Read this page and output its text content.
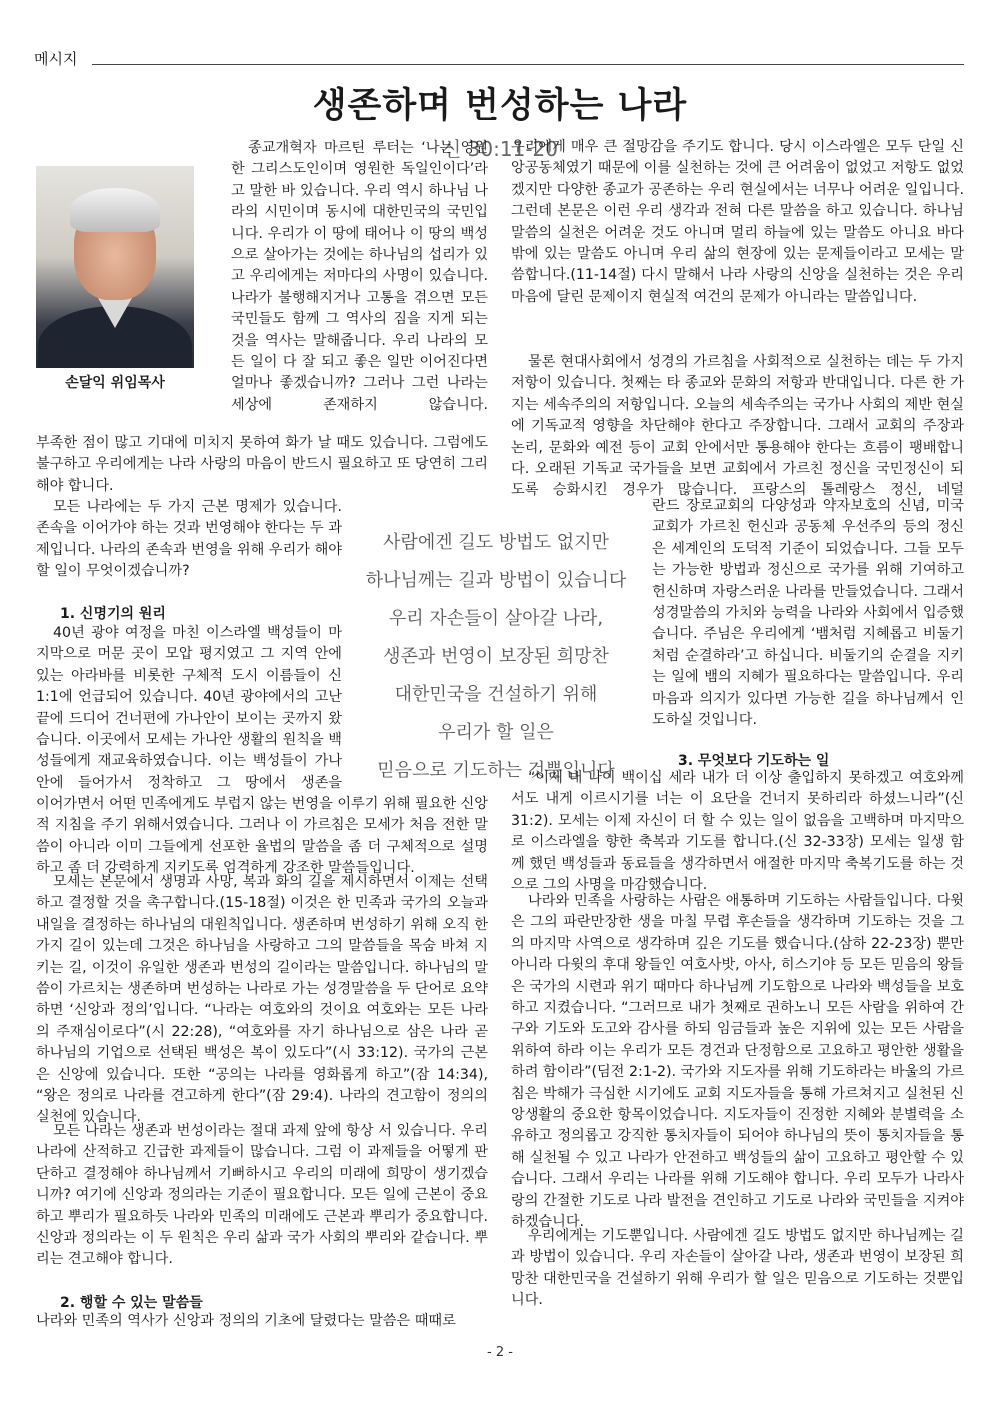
메시지
생존하며 번성하는 나라
신 30:11-20
손달익 위임목사

종교개혁자 마르틴 루터는 ‘나는 영원한 그리스도인이며 영원한 독일인이다’라고 말한 바 있습니다. 우리 역시 하나님 나라의 시민이며 동시에 대한민국의 국민입니다. 우리가 이 땅에 태어나 이 땅의 백성으로 살아가는 것에는 하나님의 섭리가 있고 우리에게는 저마다의 사명이 있습니다. 나라가 불행해지거나 고통을 겪으면 모든 국민들도 함께 그 역사의 짐을 지게 되는 것을 역사는 말해줍니다. 우리 나라의 모든 일이 다 잘 되고 좋은 일만 이어진다면 얼마나 좋겠습니까? 그러나 그런 나라는 세상에 존재하지 않습니다.

부족한 점이 많고 기대에 미치지 못하여 화가 날 때도 있습니다. 그럼에도 불구하고 우리에게는 나라 사랑의 마음이 반드시 필요하고 또 당연히 그리해야 합니다.

모든 나라에는 두 가지 근본 명제가 있습니다. 존속을 이어가야 하는 것과 번영해야 한다는 두 과제입니다. 나라의 존속과 번영을 위해 우리가 해야 할 일이 무엇이겠습니까?

1. 신명기의 원리

40년 광야 여정을 마친 이스라엘 백성들이 마지막으로 머문 곳이 모압 평지였고 그 지역 안에 있는 아라바를 비롯한 구체적 도시 이름들이 신 1:1에 언급되어 있습니다. 40년 광야에서의 고난 끝에 드디어 건너편에 가나안이 보이는 곳까지 왔습니다. 이곳에서 모세는 가나안 생활의 원칙을 백성들에게 재교육하였습니다. 이는 백성들이 가나안에 들어가서 정착하고 그 땅에서 생존을

이어가면서 어떤 민족에게도 부럽지 않는 번영을 이루기 위해 필요한 신앙적 지침을 주기 위해서였습니다. 그러나 이 가르침은 모세가 처음 전한 말씀이 아니라 이미 그들에게 선포한 율법의 말씀을 좀 더 구체적으로 설명하고 좀 더 강력하게 지키도록 엄격하게 강조한 말씀들입니다.

모세는 본문에서 생명과 사망, 복과 화의 길을 제시하면서 이제는 선택하고 결정할 것을 촉구합니다.(15-18절) 이것은 한 민족과 국가의 오늘과 내일을 결정하는 하나님의 대원칙입니다. 생존하며 번성하기 위해 오직 한 가지 길이 있는데 그것은 하나님을 사랑하고 그의 말씀들을 목숨 바쳐 지키는 길, 이것이 유일한 생존과 번성의 길이라는 말씀입니다. 하나님의 말씀이 가르치는 생존하며 번성하는 나라로 가는 성경말씀을 두 단어로 요약하면 ‘신앙과 정의’입니다. “나라는 여호와의 것이요 여호와는 모든 나라의 주재심이로다”(시 22:28), “여호와를 자기 하나님으로 삼은 나라 곧 하나님의 기업으로 선택된 백성은 복이 있도다”(시 33:12). 국가의 근본은 신앙에 있습니다. 또한 “공의는 나라를 영화롭게 하고”(잠 14:34), “왕은 정의로 나라를 견고하게 한다”(잠 29:4). 나라의 견고함이 정의의 실천에 있습니다.

모든 나라는 생존과 번성이라는 절대 과제 앞에 항상 서 있습니다. 우리나라에 산적하고 긴급한 과제들이 많습니다. 그럼 이 과제들을 어떻게 판단하고 결정해야 하나님께서 기뻐하시고 우리의 미래에 희망이 생기겠습니까? 여기에 신앙과 정의라는 기준이 필요합니다. 모든 일에 근본이 중요하고 뿌리가 필요하듯 나라와 민족의 미래에도 근본과 뿌리가 중요합니다. 신앙과 정의라는 이 두 원칙은 우리 삶과 국가 사회의 뿌리와 같습니다. 뿌리는 견고해야 합니다.

2. 행할 수 있는 말씀들

나라와 민족의 역사가 신앙과 정의의 기초에 달렸다는 말씀은 때때로

사람에겐 길도 방법도 없지만
하나님께는 길과 방법이 있습니다
우리 자손들이 살아갈 나라,
생존과 번영이 보장된 희망찬
대한민국을 건설하기 위해
우리가 할 일은
믿음으로 기도하는 것뿐입니다

우리에게 매우 큰 절망감을 주기도 합니다. 당시 이스라엘은 모두 단일 신앙공동체였기 때문에 이를 실천하는 것에 큰 어려움이 없었고 저항도 없었겠지만 다양한 종교가 공존하는 우리 현실에서는 너무나 어려운 일입니다. 그런데 본문은 이런 우리 생각과 전혀 다른 말씀을 하고 있습니다. 하나님 말씀의 실천은 어려운 것도 아니며 멀리 하늘에 있는 말씀도 아니요 바다 밖에 있는 말씀도 아니며 우리 삶의 현장에 있는 문제들이라고 모세는 말씀합니다.(11-14절) 다시 말해서 나라 사랑의 신앙을 실천하는 것은 우리 마음에 달린 문제이지 현실적 여건의 문제가 아니라는 말씀입니다.

물론 현대사회에서 성경의 가르침을 사회적으로 실천하는 데는 두 가지 저항이 있습니다. 첫째는 타 종교와 문화의 저항과 반대입니다. 다른 한 가지는 세속주의의 저항입니다. 오늘의 세속주의는 국가나 사회의 제반 현실에 기독교적 영향을 차단해야 한다고 주장합니다. 그래서 교회의 주장과 논리, 문화와 예전 등이 교회 안에서만 통용해야 한다는 흐름이 팽배합니다. 오래된 기독교 국가들을 보면 교회에서 가르친 정신을 국민정신이 되도록 승화시킨 경우가 많습니다. 프랑스의 톨레랑스 정신, 네덜

란드 장로교회의 다양성과 약자보호의 신념, 미국 교회가 가르친 헌신과 공동체 우선주의 등의 정신은 세계인의 도덕적 기준이 되었습니다. 그들 모두는 가능한 방법과 정신으로 국가를 위해 기여하고 헌신하며 자랑스러운 나라를 만들었습니다. 그래서 성경말씀의 가치와 능력을 나라와 사회에서 입증했습니다. 주님은 우리에게 ‘뱀처럼 지혜롭고 비둘기처럼 순결하라’고 하십니다. 비둘기의 순결을 지키는 일에 뱀의 지혜가 필요하다는 말씀입니다. 우리 마음과 의지가 있다면 가능한 길을 하나님께서 인도하실 것입니다.

3. 무엇보다 기도하는 일

“이제 내 나이 백이십 세라 내가 더 이상 출입하지 못하겠고 여호와께서도 내게 이르시기를 너는 이 요단을 건너지 못하리라 하셨느니라”(신 31:2). 모세는 이제 자신이 더 할 수 있는 일이 없음을 고백하며 마지막으로 이스라엘을 향한 축복과 기도를 합니다.(신 32-33장) 모세는 일생 함께 했던 백성들과 동료들을 생각하면서 애절한 마지막 축복기도를 하는 것으로 그의 사명을 마감했습니다.

나라와 민족을 사랑하는 사람은 애통하며 기도하는 사람들입니다. 다윗은 그의 파란만장한 생을 마칠 무렵 후손들을 생각하며 기도하는 것을 그의 마지막 사역으로 생각하며 깊은 기도를 했습니다.(삼하 22-23장) 뿐만 아니라 다윗의 후대 왕들인 여호사밧, 아사, 히스기야 등 모든 믿음의 왕들은 국가의 시련과 위기 때마다 하나님께 기도함으로 나라와 백성들을 보호하고 지켰습니다. “그러므로 내가 첫째로 권하노니 모든 사람을 위하여 간구와 기도와 도고와 감사를 하되 임금들과 높은 지위에 있는 모든 사람을 위하여 하라 이는 우리가 모든 경건과 단정함으로 고요하고 평안한 생활을 하려 함이라”(딤전 2:1-2). 국가와 지도자를 위해 기도하라는 바울의 가르침은 박해가 극심한 시기에도 교회 지도자들을 통해 가르쳐지고 실천된 신앙생활의 중요한 항목이었습니다. 지도자들이 진정한 지혜와 분별력을 소유하고 정의롭고 강직한 통치자들이 되어야 하나님의 뜻이 통치자들을 통해 실천될 수 있고 나라가 안전하고 백성들의 삶이 고요하고 평안할 수 있습니다. 그래서 우리는 나라를 위해 기도해야 합니다. 우리 모두가 나라사랑의 간절한 기도로 나라 발전을 견인하고 기도로 나라와 국민들을 지켜야 하겠습니다.

우리에게는 기도뿐입니다. 사람에겐 길도 방법도 없지만 하나님께는 길과 방법이 있습니다. 우리 자손들이 살아갈 나라, 생존과 번영이 보장된 희망찬 대한민국을 건설하기 위해 우리가 할 일은 믿음으로 기도하는 것뿐입니다.

- 2 -
